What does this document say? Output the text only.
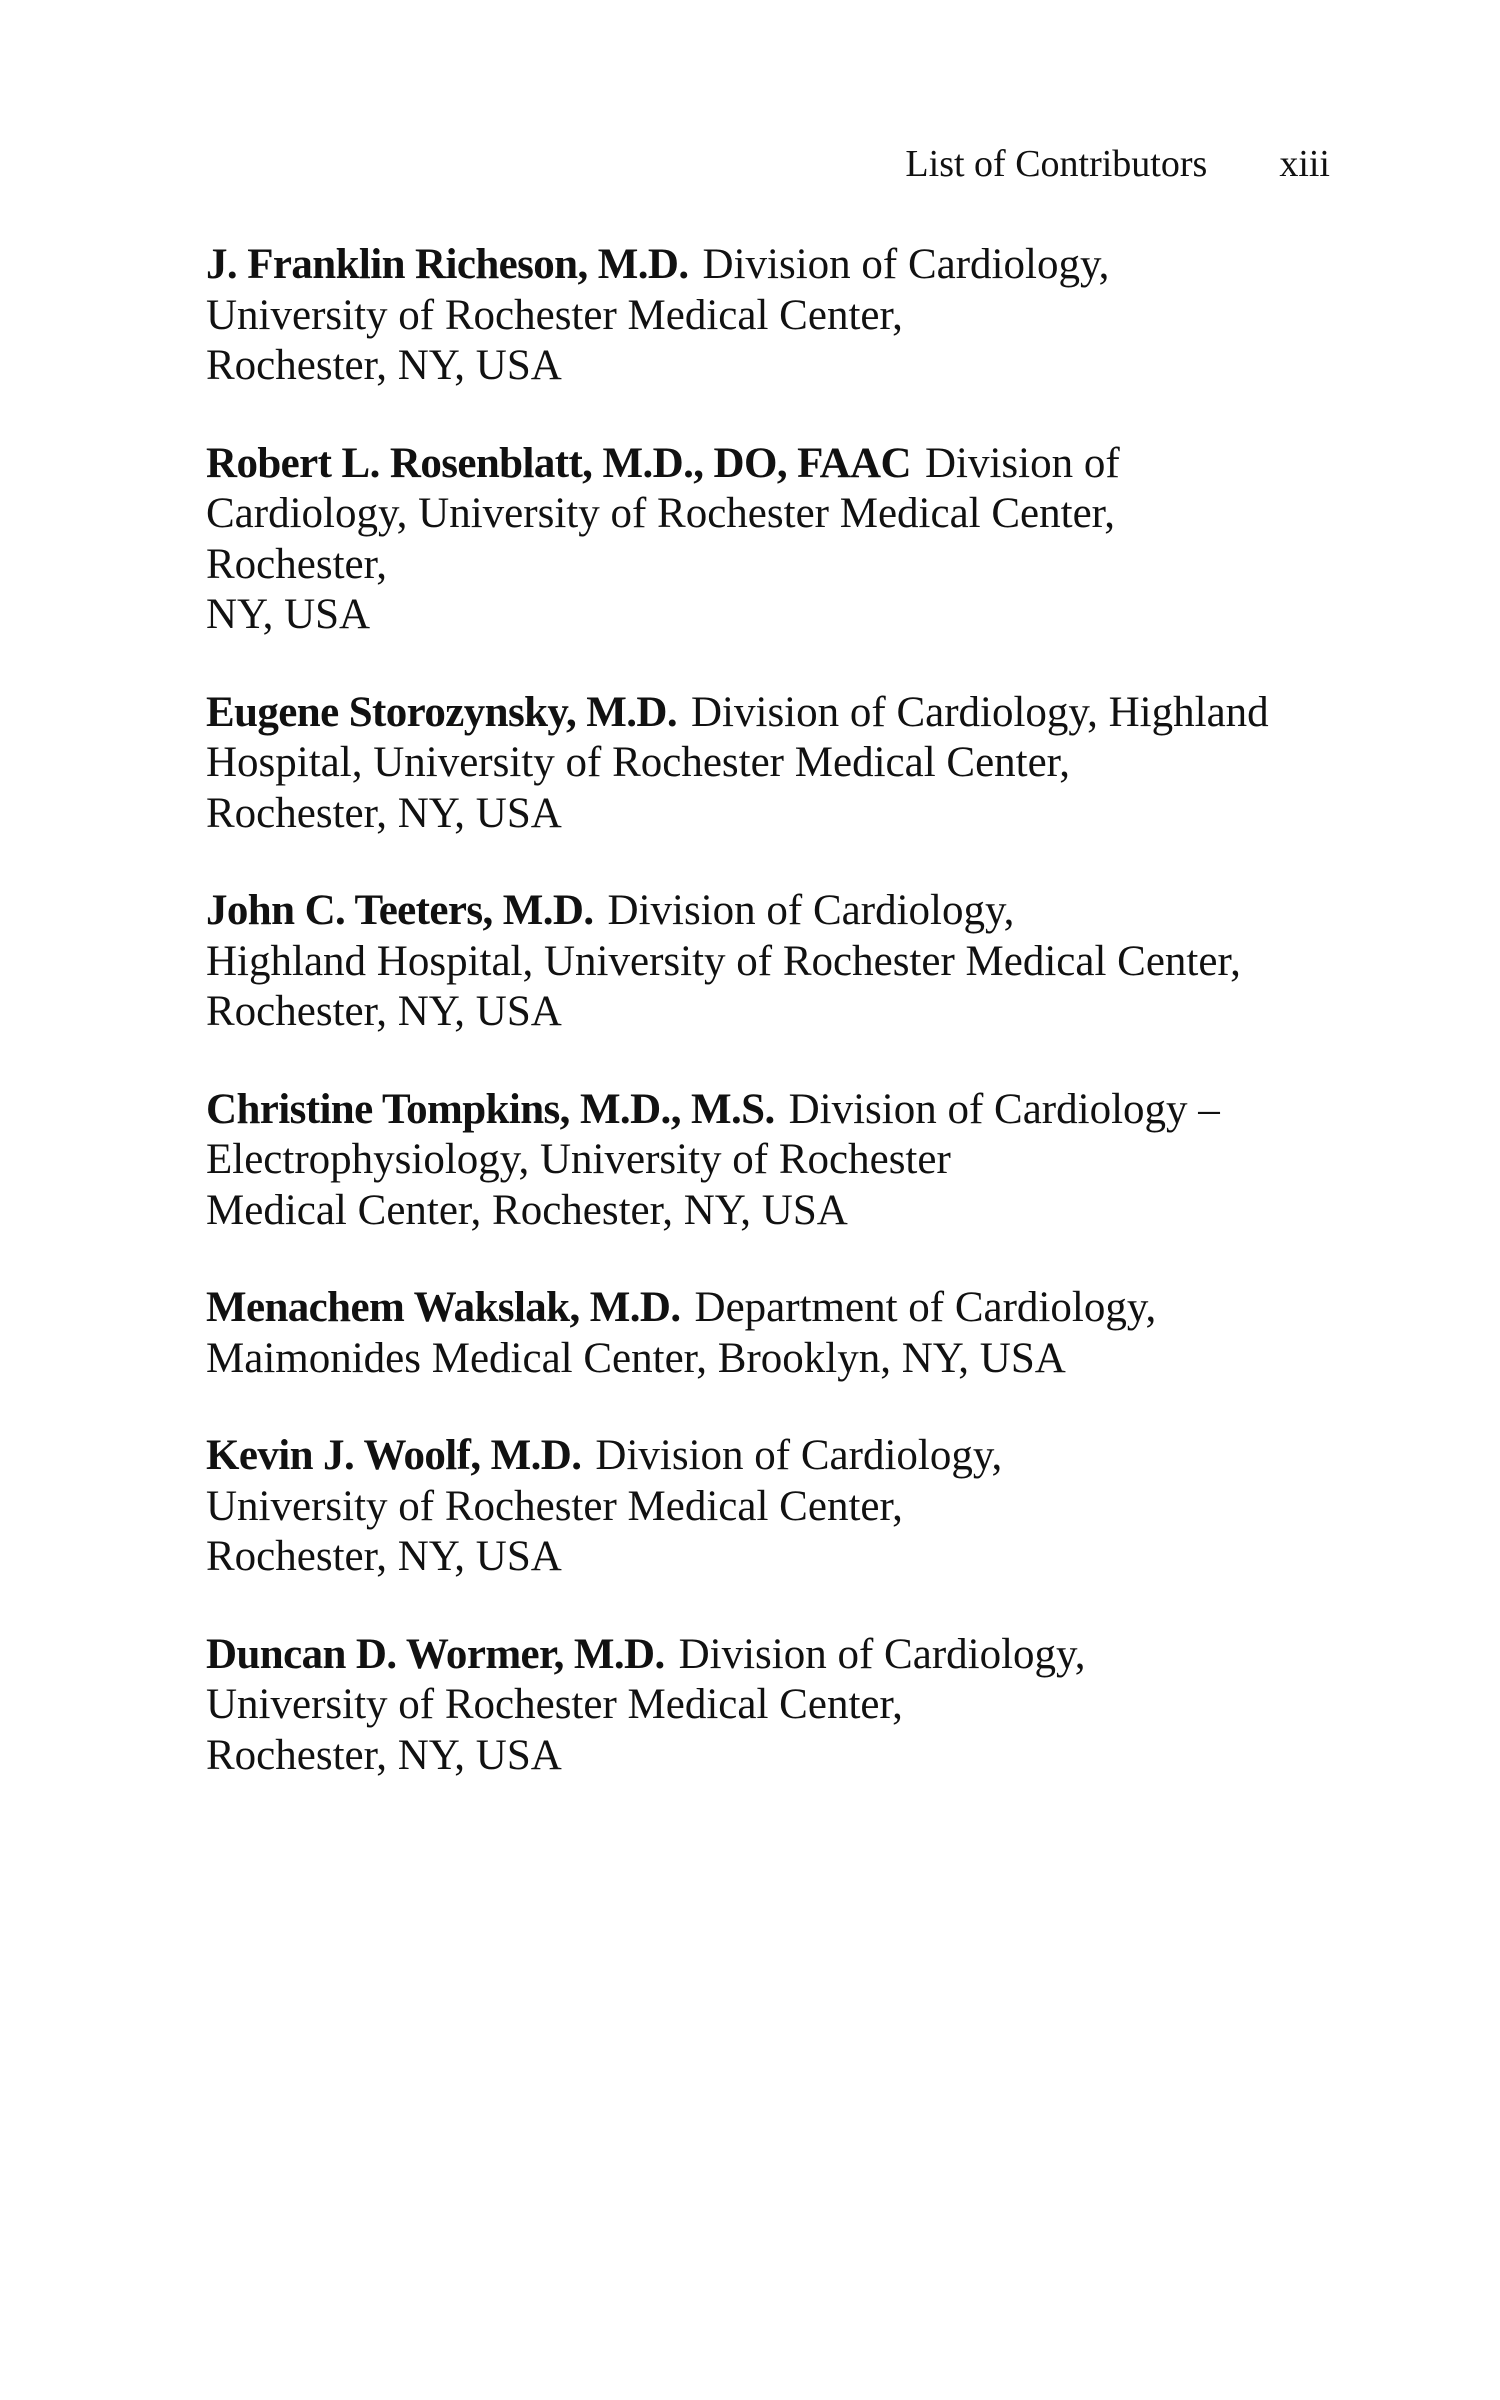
List of Contributors xiii
J. Franklin Richeson, M.D. Division of Cardiology,
University of Rochester Medical Center,
Rochester, NY, USA
Robert L. Rosenblatt, M.D., DO, FAAC Division of
Cardiology, University of Rochester Medical Center,
Rochester,
NY, USA
Eugene Storozynsky, M.D. Division of Cardiology, Highland
Hospital, University of Rochester Medical Center,
Rochester, NY, USA
John C. Teeters, M.D. Division of Cardiology,
Highland Hospital, University of Rochester Medical Center,
Rochester, NY, USA
Christine Tompkins, M.D., M.S. Division of Cardiology –
Electrophysiology, University of Rochester
Medical Center, Rochester, NY, USA
Menachem Wakslak, M.D. Department of Cardiology,
Maimonides Medical Center, Brooklyn, NY, USA
Kevin J. Woolf, M.D. Division of Cardiology,
University of Rochester Medical Center,
Rochester, NY, USA
Duncan D. Wormer, M.D. Division of Cardiology,
University of Rochester Medical Center,
Rochester, NY, USA
